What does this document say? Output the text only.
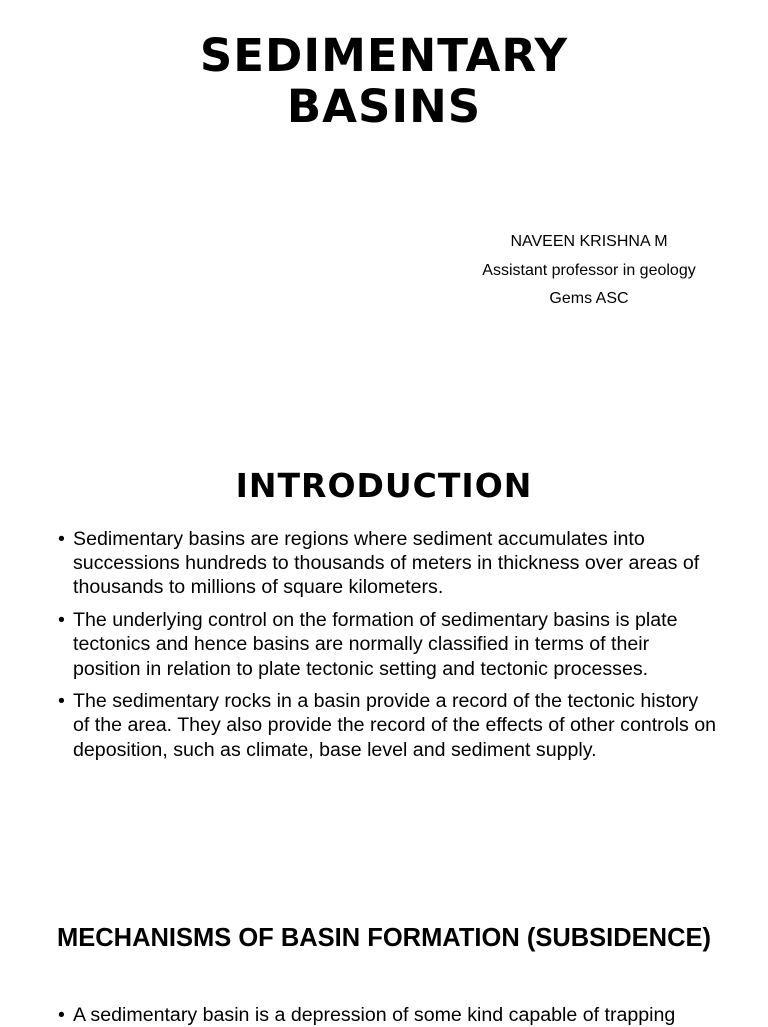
SEDIMENTARY
BASINS
NAVEEN KRISHNA M
Assistant professor in geology
Gems ASC
INTRODUCTION
• Sedimentary basins are regions where sediment accumulates into successions hundreds to thousands of meters in thickness over areas of thousands to millions of square kilometers.
• The underlying control on the formation of sedimentary basins is plate tectonics and hence basins are normally classified in terms of their position in relation to plate tectonic setting and tectonic processes.
• The sedimentary rocks in a basin provide a record of the tectonic history of the area. They also provide the record of the effects of other controls on deposition, such as climate, base level and sediment supply.
MECHANISMS OF BASIN FORMATION (SUBSIDENCE)
• A sedimentary basin is a depression of some kind capable of trapping
